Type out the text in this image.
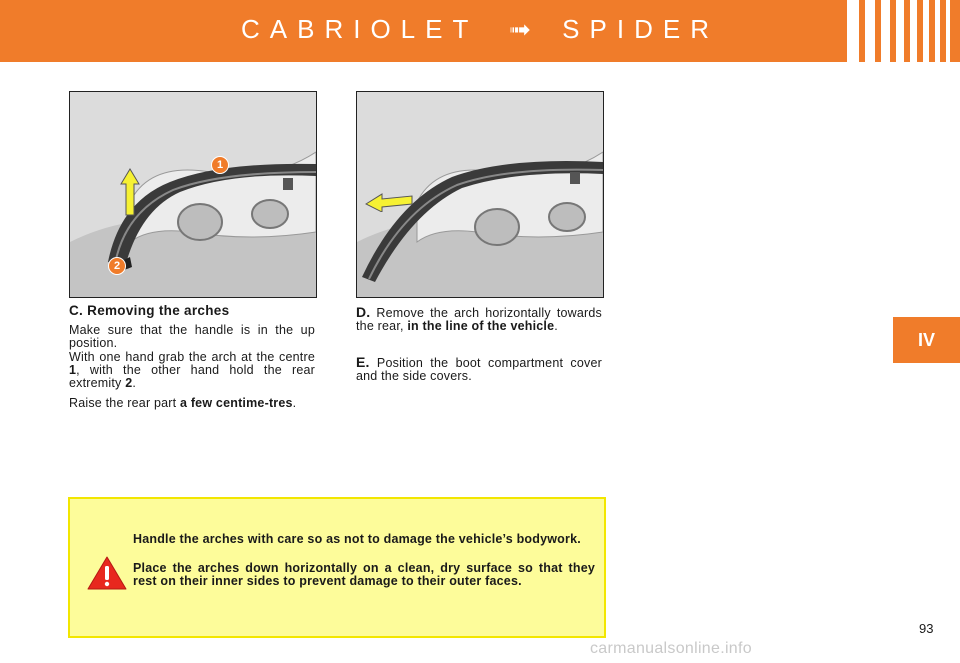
CABRIOLET ➟ SPIDER
1
2
C. Removing the arches
Make sure that the handle is in the up position.
With one hand grab the arch at the centre 1, with the other hand hold the rear extremity 2.
Raise the rear part a few centime-tres.
D. Remove the arch horizontally towards the rear, in the line of the vehicle.
E. Position the boot compartment cover and the side covers.
IV
Handle the arches with care so as not to damage the vehicle’s bodywork.
Place the arches down horizontally on a clean, dry surface so that they rest on their inner sides to prevent damage to their outer faces.
93
carmanualsonline.info
